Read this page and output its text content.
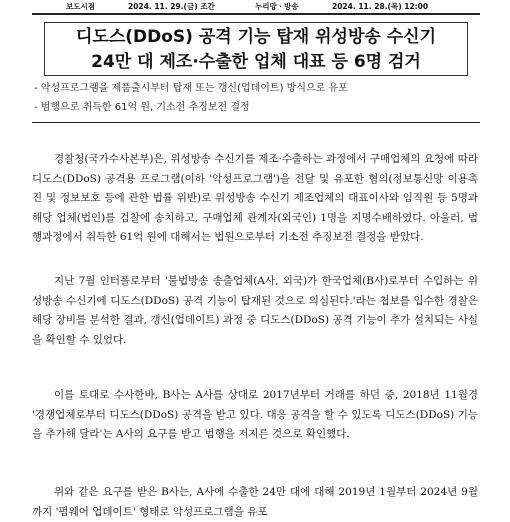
보도시점	2024. 11. 29.(금) 조간	누리망ㆍ방송	2024. 11. 28.(목) 12:00
디도스(DDoS) 공격 기능 탑재 위성방송 수신기
24만 대 제조·수출한 업체 대표 등 6명 검거
- 악성프로그램을 제품출시부터 탑재 또는 갱신(업데이트) 방식으로 유포
- 범행으로 취득한 61억 원, 기소전 추징보전 결정
경찰청(국가수사본부)은, 위성방송 수신기를 제조·수출하는 과정에서 구매업체의 요청에 따라 디도스(DDoS) 공격용 프로그램(이하 '악성프로그램')을 전달 및 유포한 혐의(정보통신망 이용촉진 및 정보보호 등에 관한 법률 위반)로 위성방송 수신기 제조업체의 대표이사와 임직원 등 5명과 해당 업체(법인)를 검찰에 송치하고, 구매업체 관계자(외국인) 1명을 지명수배하였다. 아울러, 범행과정에서 취득한 61억 원에 대해서는 법원으로부터 기소전 추징보전 결정을 받았다.
지난 7월 인터폴로부터 '불법방송 송출업체(A사, 외국)가 한국업체(B사)로부터 수입하는 위성방송 수신기에 디도스(DDoS) 공격 기능이 탑재된 것으로 의심된다.'라는 첩보를 입수한 경찰은 해당 장비를 분석한 결과, 갱신(업데이트) 과정 중 디도스(DDoS) 공격 기능이 추가 설치되는 사실을 확인할 수 있었다.
이를 토대로 수사한바, B사는 A사를 상대로 2017년부터 거래를 하던 중, 2018년 11월경 '경쟁업체로부터 디도스(DDoS) 공격을 받고 있다. 대응 공격을 할 수 있도록 디도스(DDoS) 기능을 추가해 달라'는 A사의 요구를 받고 범행을 저지른 것으로 확인했다.
위와 같은 요구를 받은 B사는, A사에 수출한 24만 대에 대해 2019년 1월부터 2024년 9월까지 '펌웨어 업데이트' 형태로 악성프로그램을 유포
